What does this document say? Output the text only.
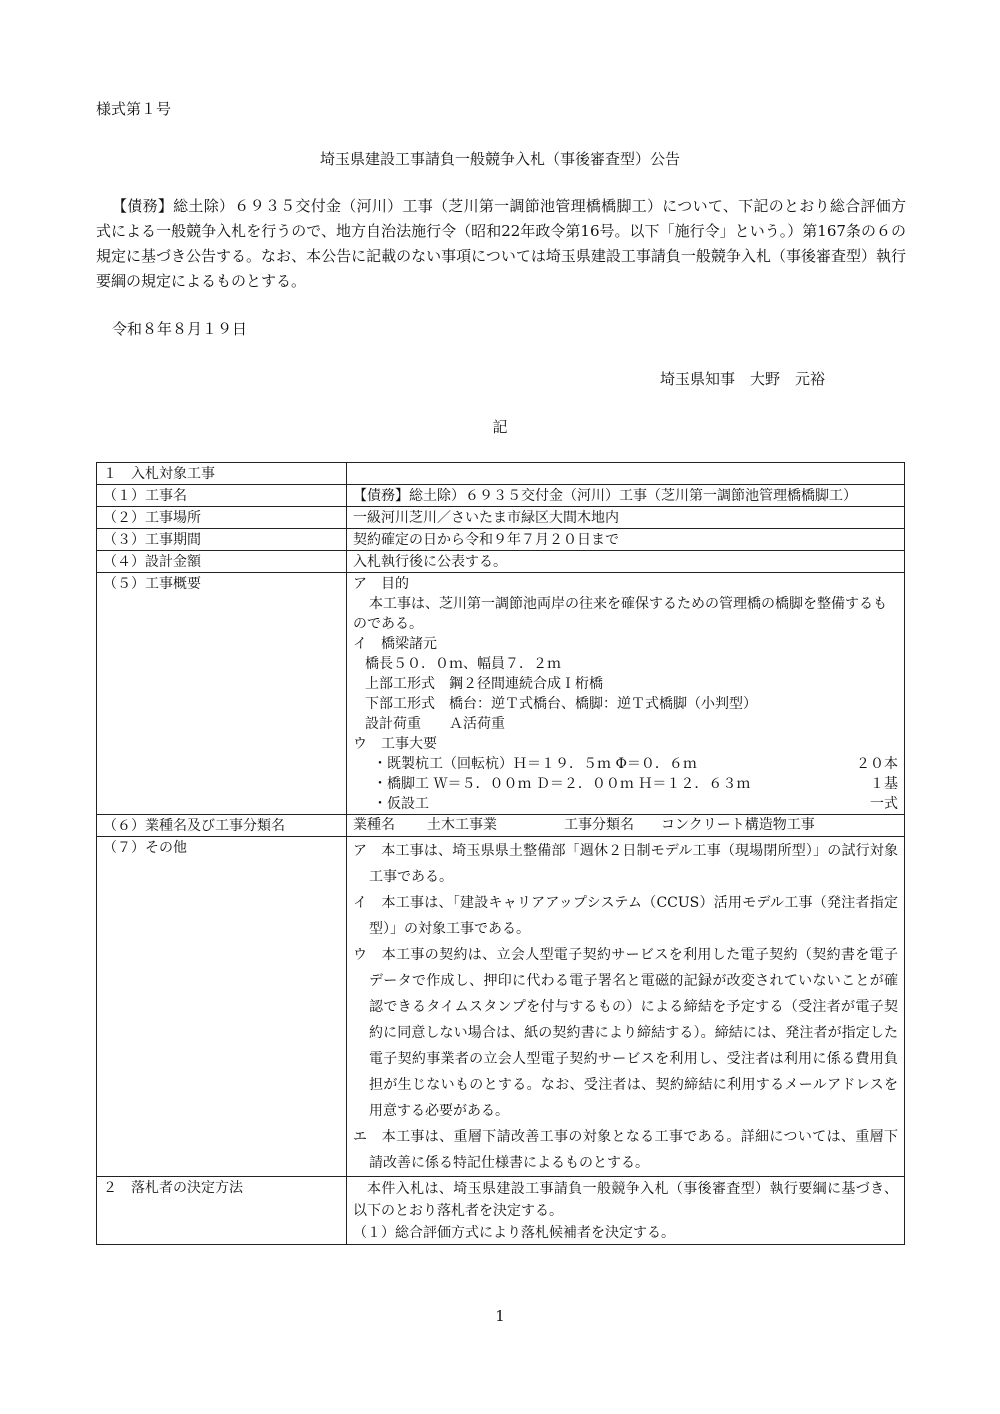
様式第１号
埼玉県建設工事請負一般競争入札（事後審査型）公告
【債務】総土除）６９３５交付金（河川）工事（芝川第一調節池管理橋橋脚工）について、下記のとおり総合評価方式による一般競争入札を行うので、地方自治法施行令（昭和22年政令第16号。以下「施行令」という。）第167条の６の規定に基づき公告する。なお、本公告に記載のない事項については埼玉県建設工事請負一般競争入札（事後審査型）執行要綱の規定によるものとする。
令和８年８月１９日
埼玉県知事　大野　元裕
記
１　入札対象工事	
（１）工事名	【債務】総土除）６９３５交付金（河川）工事（芝川第一調節池管理橋橋脚工）
（２）工事場所	一級河川芝川／さいたま市緑区大間木地内
（３）工事期間	契約確定の日から令和９年７月２０日まで
（４）設計金額	入札執行後に公表する。
（５）工事概要	ア　目的
本工事は、芝川第一調節池両岸の往来を確保するための管理橋の橋脚を整備するものである。
イ　橋梁諸元
橋長５０．０ｍ、幅員７．２ｍ
上部工形式　鋼２径間連続合成Ｉ桁橋
下部工形式　橋台：逆Ｔ式橋台、橋脚：逆Ｔ式橋脚（小判型）
設計荷重　　Ａ活荷重
ウ　工事大要
・既製杭工（回転杭）Ｈ＝１９．５ｍ Φ＝０．６ｍ	２０本
・橋脚工 Ｗ＝５．００ｍ Ｄ＝２．００ｍ Ｈ＝１２．６３ｍ	１基
・仮設工	一式

（６）業種名及び工事分類名		業種名	土木工事業	工事分類名	コンクリート構造物工事

（７）その他	ア　本工事は、埼玉県県土整備部「週休２日制モデル工事（現場閉所型）」の試行対象工事である。

イ　本工事は、「建設キャリアアップシステム（CCUS）活用モデル工事（発注者指定型）」の対象工事である。

ウ　本工事の契約は、立会人型電子契約サービスを利用した電子契約（契約書を電子データで作成し、押印に代わる電子署名と電磁的記録が改変されていないことが確認できるタイムスタンプを付与するもの）による締結を予定する（受注者が電子契約に同意しない場合は、紙の契約書により締結する）。締結には、発注者が指定した電子契約事業者の立会人型電子契約サービスを利用し、受注者は利用に係る費用負担が生じないものとする。なお、受注者は、契約締結に利用するメールアドレスを用意する必要がある。

エ　本工事は、重層下請改善工事の対象となる工事である。詳細については、重層下請改善に係る特記仕様書によるものとする。

２　落札者の決定方法	本件入札は、埼玉県建設工事請負一般競争入札（事後審査型）執行要綱に基づき、以下のとおり落札者を決定する。
（１）総合評価方式により落札候補者を決定する。
1
